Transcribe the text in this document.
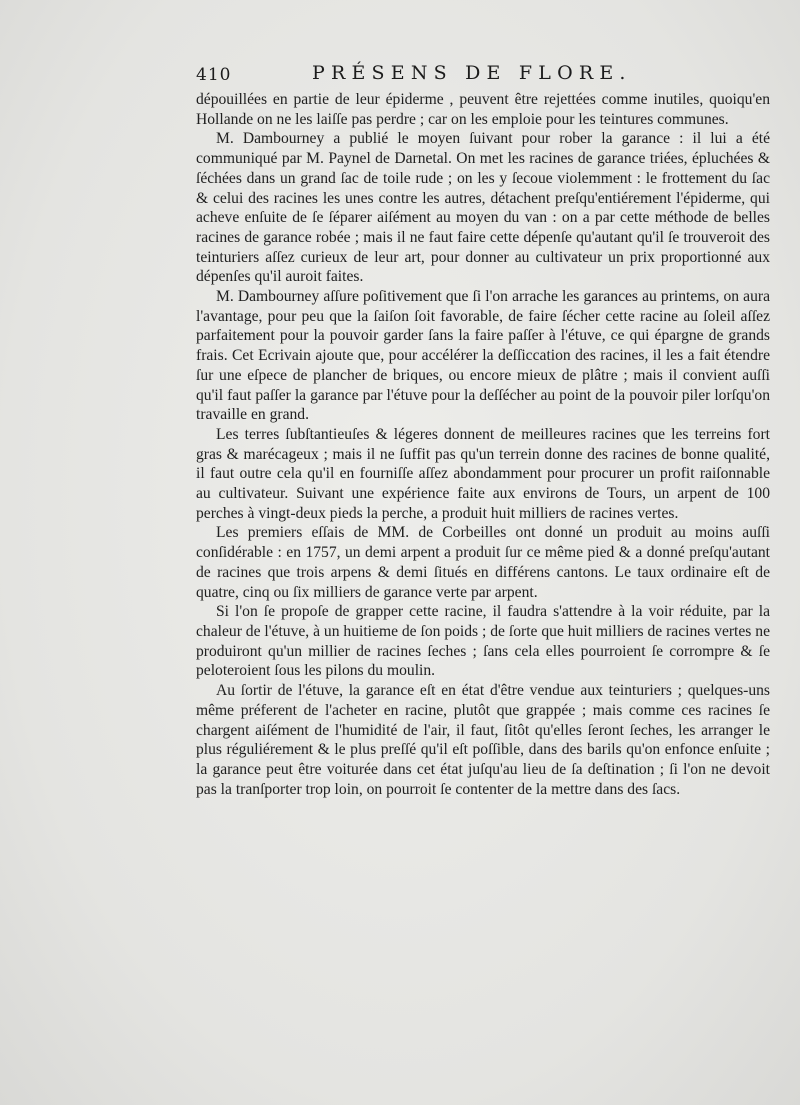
410	PRÉSENS DE FLORE.

dépouillées en partie de leur épiderme , peuvent être rejettées comme inutiles, quoiqu'en Hollande on ne les laiſſe pas perdre ; car on les emploie pour les teintures communes.

M. Dambourney a publié le moyen ſuivant pour rober la garance : il lui a été communiqué par M. Paynel de Darnetal. On met les racines de garance triées, épluchées & ſéchées dans un grand ſac de toile rude ; on les y ſecoue violemment : le frottement du ſac & celui des racines les unes contre les autres, détachent preſqu'entiérement l'épiderme, qui acheve enſuite de ſe ſéparer aiſément au moyen du van : on a par cette méthode de belles racines de garance robée ; mais il ne faut faire cette dépenſe qu'autant qu'il ſe trouveroit des teinturiers aſſez curieux de leur art, pour donner au cultivateur un prix proportionné aux dépenſes qu'il auroit faites.

M. Dambourney aſſure poſitivement que ſi l'on arrache les garances au printems, on aura l'avantage, pour peu que la ſaiſon ſoit favorable, de faire ſécher cette racine au ſoleil aſſez parfaitement pour la pouvoir garder ſans la faire paſſer à l'étuve, ce qui épargne de grands frais. Cet Ecrivain ajoute que, pour accélérer la deſſiccation des racines, il les a fait étendre ſur une eſpece de plancher de briques, ou encore mieux de plâtre ; mais il convient auſſi qu'il faut paſſer la garance par l'étuve pour la deſſécher au point de la pouvoir piler lorſqu'on travaille en grand.

Les terres ſubſtantieuſes & légeres donnent de meilleures racines que les terreins fort gras & marécageux ; mais il ne ſuffit pas qu'un terrein donne des racines de bonne qualité, il faut outre cela qu'il en fourniſſe aſſez abondamment pour procurer un profit raiſonnable au cultivateur. Suivant une expérience faite aux environs de Tours, un arpent de 100 perches à vingt-deux pieds la perche, a produit huit milliers de racines vertes.

Les premiers eſſais de MM. de Corbeilles ont donné un produit au moins auſſi conſidérable : en 1757, un demi arpent a produit ſur ce même pied & a donné preſqu'autant de racines que trois arpens & demi ſitués en différens cantons. Le taux ordinaire eſt de quatre, cinq ou ſix milliers de garance verte par arpent.

Si l'on ſe propoſe de grapper cette racine, il faudra s'attendre à la voir réduite, par la chaleur de l'étuve, à un huitieme de ſon poids ; de ſorte que huit milliers de racines vertes ne produiront qu'un millier de racines ſeches ; ſans cela elles pourroient ſe corrompre & ſe peloteroient ſous les pilons du moulin.

Au ſortir de l'étuve, la garance eſt en état d'être vendue aux teinturiers ; quelques-uns même préferent de l'acheter en racine, plutôt que grappée ; mais comme ces racines ſe chargent aiſément de l'humidité de l'air, il faut, ſitôt qu'elles ſeront ſeches, les arranger le plus réguliérement & le plus preſſé qu'il eſt poſſible, dans des barils qu'on enfonce enſuite ; la garance peut être voiturée dans cet état juſqu'au lieu de ſa deſtination ; ſi l'on ne devoit pas la tranſporter trop loin, on pourroit ſe contenter de la mettre dans des ſacs.
